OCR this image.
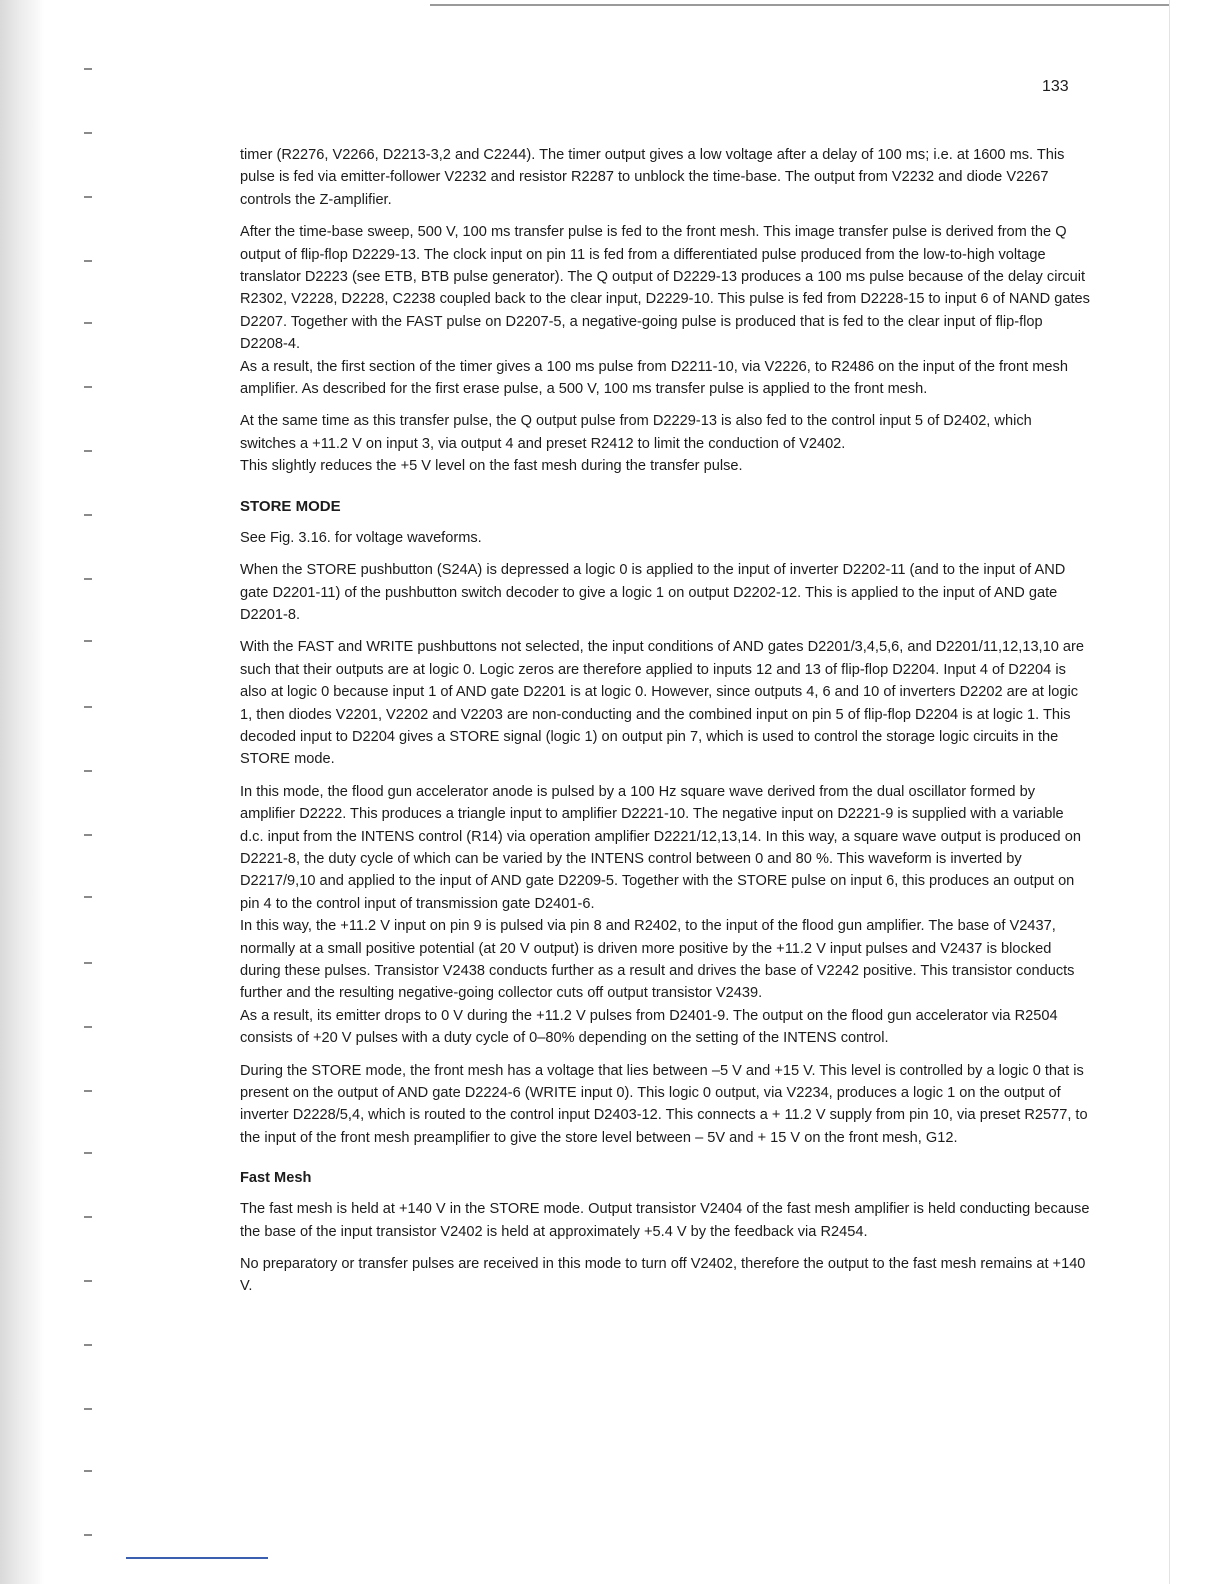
133

timer (R2276, V2266, D2213-3,2 and C2244). The timer output gives a low voltage after a delay of 100 ms; i.e. at 1600 ms. This pulse is fed via emitter-follower V2232 and resistor R2287 to unblock the time-base. The output from V2232 and diode V2267 controls the Z-amplifier.

After the time-base sweep, 500 V, 100 ms transfer pulse is fed to the front mesh. This image transfer pulse is derived from the Q output of flip-flop D2229-13. The clock input on pin 11 is fed from a differentiated pulse produced from the low-to-high voltage translator D2223 (see ETB, BTB pulse generator). The Q output of D2229-13 produces a 100 ms pulse because of the delay circuit R2302, V2228, D2228, C2238 coupled back to the clear input, D2229-10. This pulse is fed from D2228-15 to input 6 of NAND gates D2207. Together with the FAST pulse on D2207-5, a negative-going pulse is produced that is fed to the clear input of flip-flop D2208-4.

As a result, the first section of the timer gives a 100 ms pulse from D2211-10, via V2226, to R2486 on the input of the front mesh amplifier. As described for the first erase pulse, a 500 V, 100 ms transfer pulse is applied to the front mesh.

At the same time as this transfer pulse, the Q output pulse from D2229-13 is also fed to the control input 5 of D2402, which switches a +11.2 V on input 3, via output 4 and preset R2412 to limit the conduction of V2402.

This slightly reduces the +5 V level on the fast mesh during the transfer pulse.

STORE MODE

See Fig. 3.16. for voltage waveforms.

When the STORE pushbutton (S24A) is depressed a logic 0 is applied to the input of inverter D2202-11 (and to the input of AND gate D2201-11) of the pushbutton switch decoder to give a logic 1 on output D2202-12. This is applied to the input of AND gate D2201-8.

With the FAST and WRITE pushbuttons not selected, the input conditions of AND gates D2201/3,4,5,6, and D2201/11,12,13,10 are such that their outputs are at logic 0. Logic zeros are therefore applied to inputs 12 and 13 of flip-flop D2204. Input 4 of D2204 is also at logic 0 because input 1 of AND gate D2201 is at logic 0. However, since outputs 4, 6 and 10 of inverters D2202 are at logic 1, then diodes V2201, V2202 and V2203 are non-conducting and the combined input on pin 5 of flip-flop D2204 is at logic 1. This decoded input to D2204 gives a STORE signal (logic 1) on output pin 7, which is used to control the storage logic circuits in the STORE mode.

In this mode, the flood gun accelerator anode is pulsed by a 100 Hz square wave derived from the dual oscillator formed by amplifier D2222. This produces a triangle input to amplifier D2221-10. The negative input on D2221-9 is supplied with a variable d.c. input from the INTENS control (R14) via operation amplifier D2221/12,13,14. In this way, a square wave output is produced on D2221-8, the duty cycle of which can be varied by the INTENS control between 0 and 80 %. This waveform is inverted by D2217/9,10 and applied to the input of AND gate D2209-5. Together with the STORE pulse on input 6, this produces an output on pin 4 to the control input of transmission gate D2401-6.

In this way, the +11.2 V input on pin 9 is pulsed via pin 8 and R2402, to the input of the flood gun amplifier. The base of V2437, normally at a small positive potential (at 20 V output) is driven more positive by the +11.2 V input pulses and V2437 is blocked during these pulses. Transistor V2438 conducts further as a result and drives the base of V2242 positive. This transistor conducts further and the resulting negative-going collector cuts off output transistor V2439.

As a result, its emitter drops to 0 V during the +11.2 V pulses from D2401-9. The output on the flood gun accelerator via R2504 consists of +20 V pulses with a duty cycle of 0–80% depending on the setting of the INTENS control.

During the STORE mode, the front mesh has a voltage that lies between –5 V and +15 V. This level is controlled by a logic 0 that is present on the output of AND gate D2224-6 (WRITE input 0). This logic 0 output, via V2234, produces a logic 1 on the output of inverter D2228/5,4, which is routed to the control input D2403-12. This connects a + 11.2 V supply from pin 10, via preset R2577, to the input of the front mesh preamplifier to give the store level between – 5V and + 15 V on the front mesh, G12.

Fast Mesh

The fast mesh is held at +140 V in the STORE mode. Output transistor V2404 of the fast mesh amplifier is held conducting because the base of the input transistor V2402 is held at approximately +5.4 V by the feedback via R2454.

No preparatory or transfer pulses are received in this mode to turn off V2402, therefore the output to the fast mesh remains at +140 V.
